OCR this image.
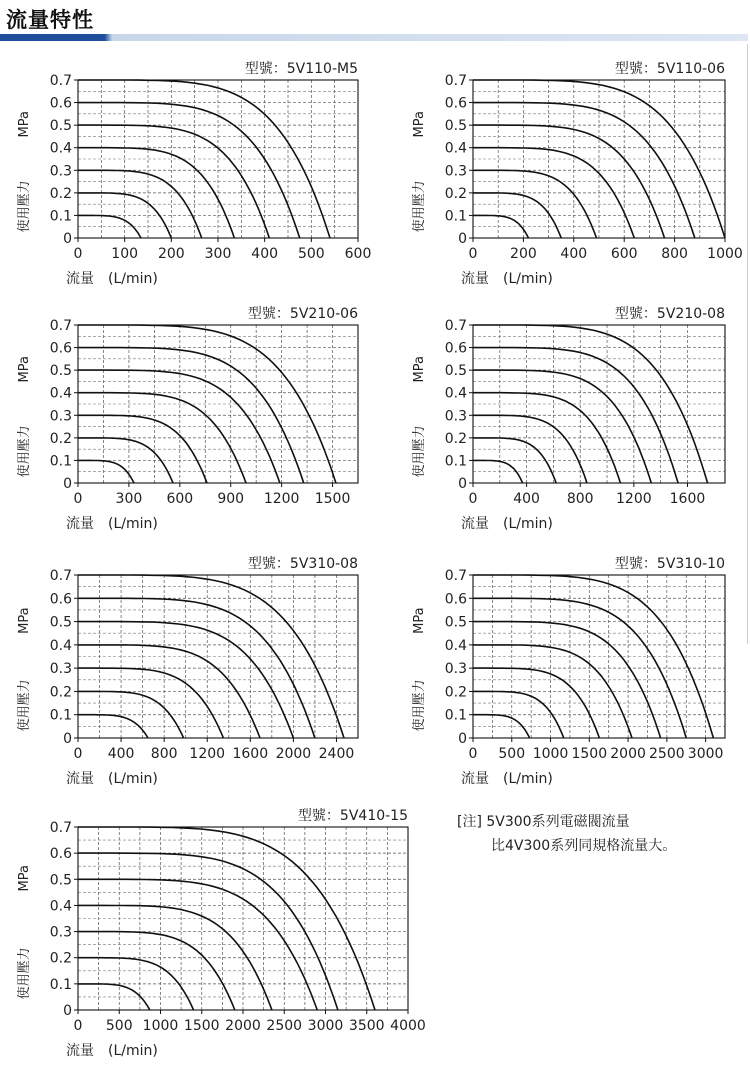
流量特性
型號：5V110-M5
0
0.1
0.2
0.3
0.4
0.5
0.6
0.7
0 100 200 300 400 500 600
MPa
使用壓力
流量　(L/min)
型號：5V110-06
0
0.1
0.2
0.3
0.4
0.5
0.6
0.7
0 200 400 600 800 1000
MPa
使用壓力
流量　(L/min)
型號：5V210-06
0
0.1
0.2
0.3
0.4
0.5
0.6
0.7
0 300 600 900 1200 1500
MPa
使用壓力
流量　(L/min)
型號：5V210-08
0
0.1
0.2
0.3
0.4
0.5
0.6
0.7
0	400 800 1200 1600
MPa
使用壓力
流量　(L/min)
型號：5V310-08
0
0.1
0.2
0.3
0.4
0.5
0.6
0.7
0 400 800 1200 1600 2000 2400
MPa
使用壓力
流量　(L/min)
型號：5V310-10
0
0.1
0.2
0.3
0.4
0.5
0.6
0.7
0 500 1000 1500 2000 2500 3000
MPa
使用壓力
流量　(L/min)
型號：5V410-15
0
0.1
0.2
0.3
0.4
0.5
0.6
0.7
0 500 1000 1500 2000 2500 3000 3500 4000
MPa
使用壓力
流量　(L/min)
[注] 5V300系列電磁閥流量
比4V300系列同規格流量大。
